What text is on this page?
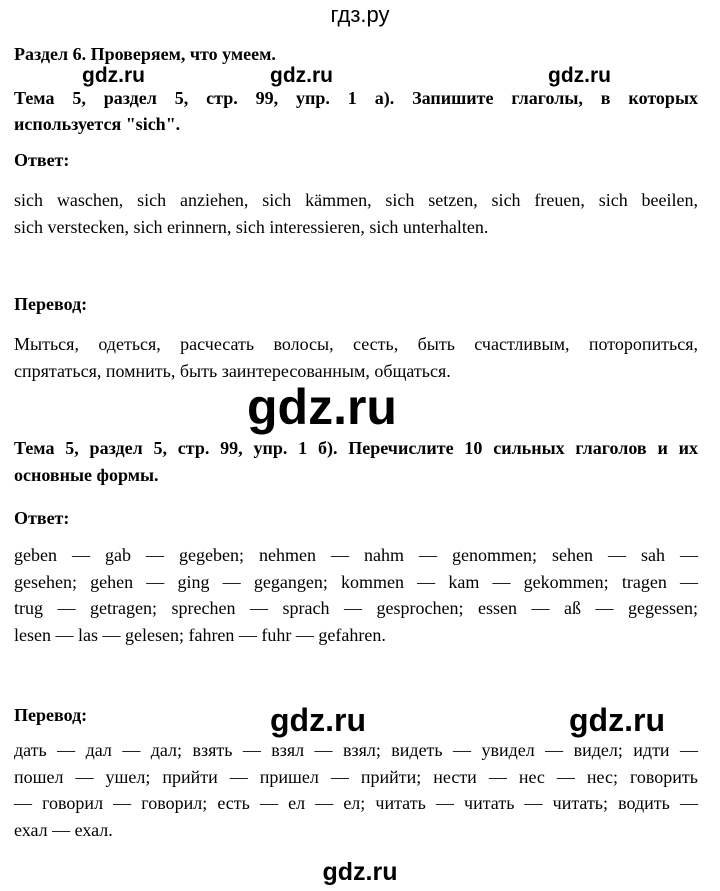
гдз.ру
Раздел 6. Проверяем, что умеем.
gdz.ru	gdz.ru	gdz.ru
Тема 5, раздел 5, стр. 99, упр. 1 а). Запишите глаголы, в которых
используется "sich".
Ответ:
sich waschen, sich anziehen, sich kämmen, sich setzen, sich freuen, sich beeilen,
sich verstecken, sich erinnern, sich interessieren, sich unterhalten.
Перевод:
Мыться, одеться, расчесать волосы, сесть, быть счастливым, поторопиться,
спрятаться, помнить, быть заинтересованным, общаться.
gdz.ru
Тема 5, раздел 5, стр. 99, упр. 1 б). Перечислите 10 сильных глаголов и их
основные формы.
Ответ:
geben — gab — gegeben; nehmen — nahm — genommen; sehen — sah —
gesehen; gehen — ging — gegangen; kommen — kam — gekommen; tragen —
trug — getragen; sprechen — sprach — gesprochen; essen — aß — gegessen;
lesen — las — gelesen; fahren — fuhr — gefahren.
Перевод:	gdz.ru	gdz.ru
дать — дал — дал; взять — взял — взял; видеть — увидел — видел; идти —
пошел — ушел; прийти — пришел — прийти; нести — нес — нес; говорить
— говорил — говорил; есть — ел — ел; читать — читать — читать; водить —
ехал — ехал.
gdz.ru
